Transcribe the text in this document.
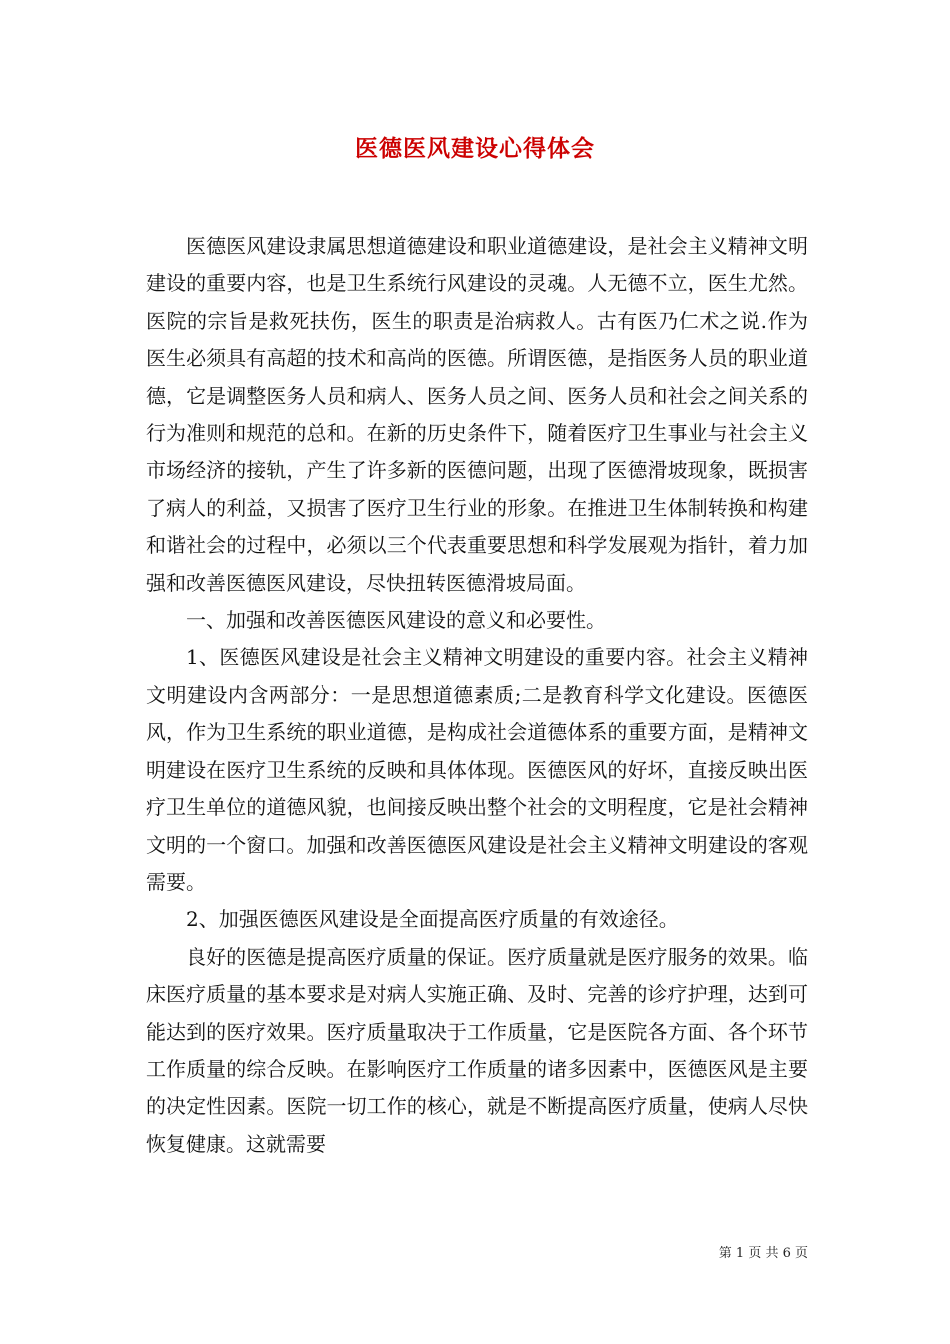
医德医风建设心得体会

医德医风建设隶属思想道德建设和职业道德建设，是社会主义精神文明建设的重要内容，也是卫生系统行风建设的灵魂。人无德不立，医生尤然。医院的宗旨是救死扶伤，医生的职责是治病救人。古有医乃仁术之说.作为医生必须具有高超的技术和高尚的医德。所谓医德，是指医务人员的职业道德，它是调整医务人员和病人、医务人员之间、医务人员和社会之间关系的行为准则和规范的总和。在新的历史条件下，随着医疗卫生事业与社会主义市场经济的接轨，产生了许多新的医德问题，出现了医德滑坡现象，既损害了病人的利益，又损害了医疗卫生行业的形象。在推进卫生体制转换和构建和谐社会的过程中，必须以三个代表重要思想和科学发展观为指针，着力加强和改善医德医风建设，尽快扭转医德滑坡局面。

一、加强和改善医德医风建设的意义和必要性。

1、医德医风建设是社会主义精神文明建设的重要内容。社会主义精神文明建设内含两部分：一是思想道德素质;二是教育科学文化建设。医德医风，作为卫生系统的职业道德，是构成社会道德体系的重要方面，是精神文明建设在医疗卫生系统的反映和具体体现。医德医风的好坏，直接反映出医疗卫生单位的道德风貌，也间接反映出整个社会的文明程度，它是社会精神文明的一个窗口。加强和改善医德医风建设是社会主义精神文明建设的客观需要。

2、加强医德医风建设是全面提高医疗质量的有效途径。

良好的医德是提高医疗质量的保证。医疗质量就是医疗服务的效果。临床医疗质量的基本要求是对病人实施正确、及时、完善的诊疗护理，达到可能达到的医疗效果。医疗质量取决于工作质量，它是医院各方面、各个环节工作质量的综合反映。在影响医疗工作质量的诸多因素中，医德医风是主要的决定性因素。医院一切工作的核心，就是不断提高医疗质量，使病人尽快恢复健康。这就需要

第 1 页 共 6 页
